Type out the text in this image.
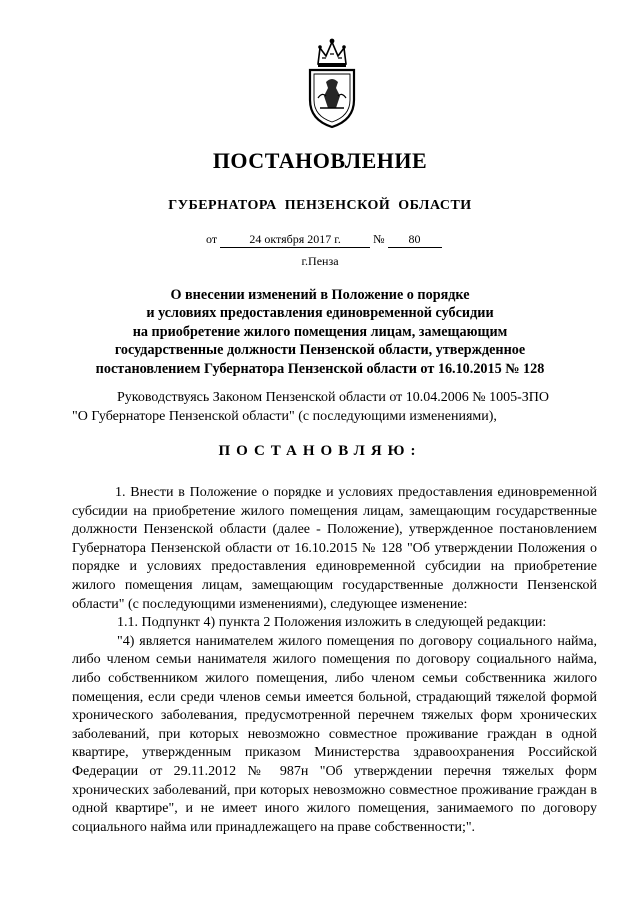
ПОСТАНОВЛЕНИЕ
ГУБЕРНАТОРА ПЕНЗЕНСКОЙ ОБЛАСТИ
от	24 октября 2017 г.	№ 80
г.Пенза
О внесении изменений в Положение о порядке
и условиях предоставления единовременной субсидии
на приобретение жилого помещения лицам, замещающим
государственные должности Пензенской области, утвержденное
постановлением Губернатора Пензенской области от 16.10.2015 № 128
Руководствуясь Законом Пензенской области от 10.04.2006 № 1005-ЗПО
"О Губернаторе Пензенской области" (с последующими изменениями),
ПОСТАНОВЛЯЮ:

1. Внести в Положение о порядке и условиях предоставления единовременной субсидии на приобретение жилого помещения лицам, замещающим государственные должности Пензенской области (далее - Положение), утвержденное постановлением Губернатора Пензенской области от 16.10.2015 № 128 "Об утверждении Положения о порядке и условиях предоставления единовременной субсидии на приобретение жилого помещения лицам, замещающим государственные должности Пензенской области" (с последующими изменениями), следующее изменение:

1.1. Подпункт 4) пункта 2 Положения изложить в следующей редакции:

"4) является нанимателем жилого помещения по договору социального найма, либо членом семьи нанимателя жилого помещения по договору социального найма, либо собственником жилого помещения, либо членом семьи собственника жилого помещения, если среди членов семьи имеется больной, страдающий тяжелой формой хронического заболевания, предусмотренной перечнем тяжелых форм хронических заболеваний, при которых невозможно совместное проживание граждан в одной квартире, утвержденным приказом Министерства здравоохранения Российской Федерации от 29.11.2012 № 987н "Об утверждении перечня тяжелых форм хронических заболеваний, при которых невозможно совместное проживание граждан в одной квартире", и не имеет иного жилого помещения, занимаемого по договору социального найма или принадлежащего на праве собственности;".
